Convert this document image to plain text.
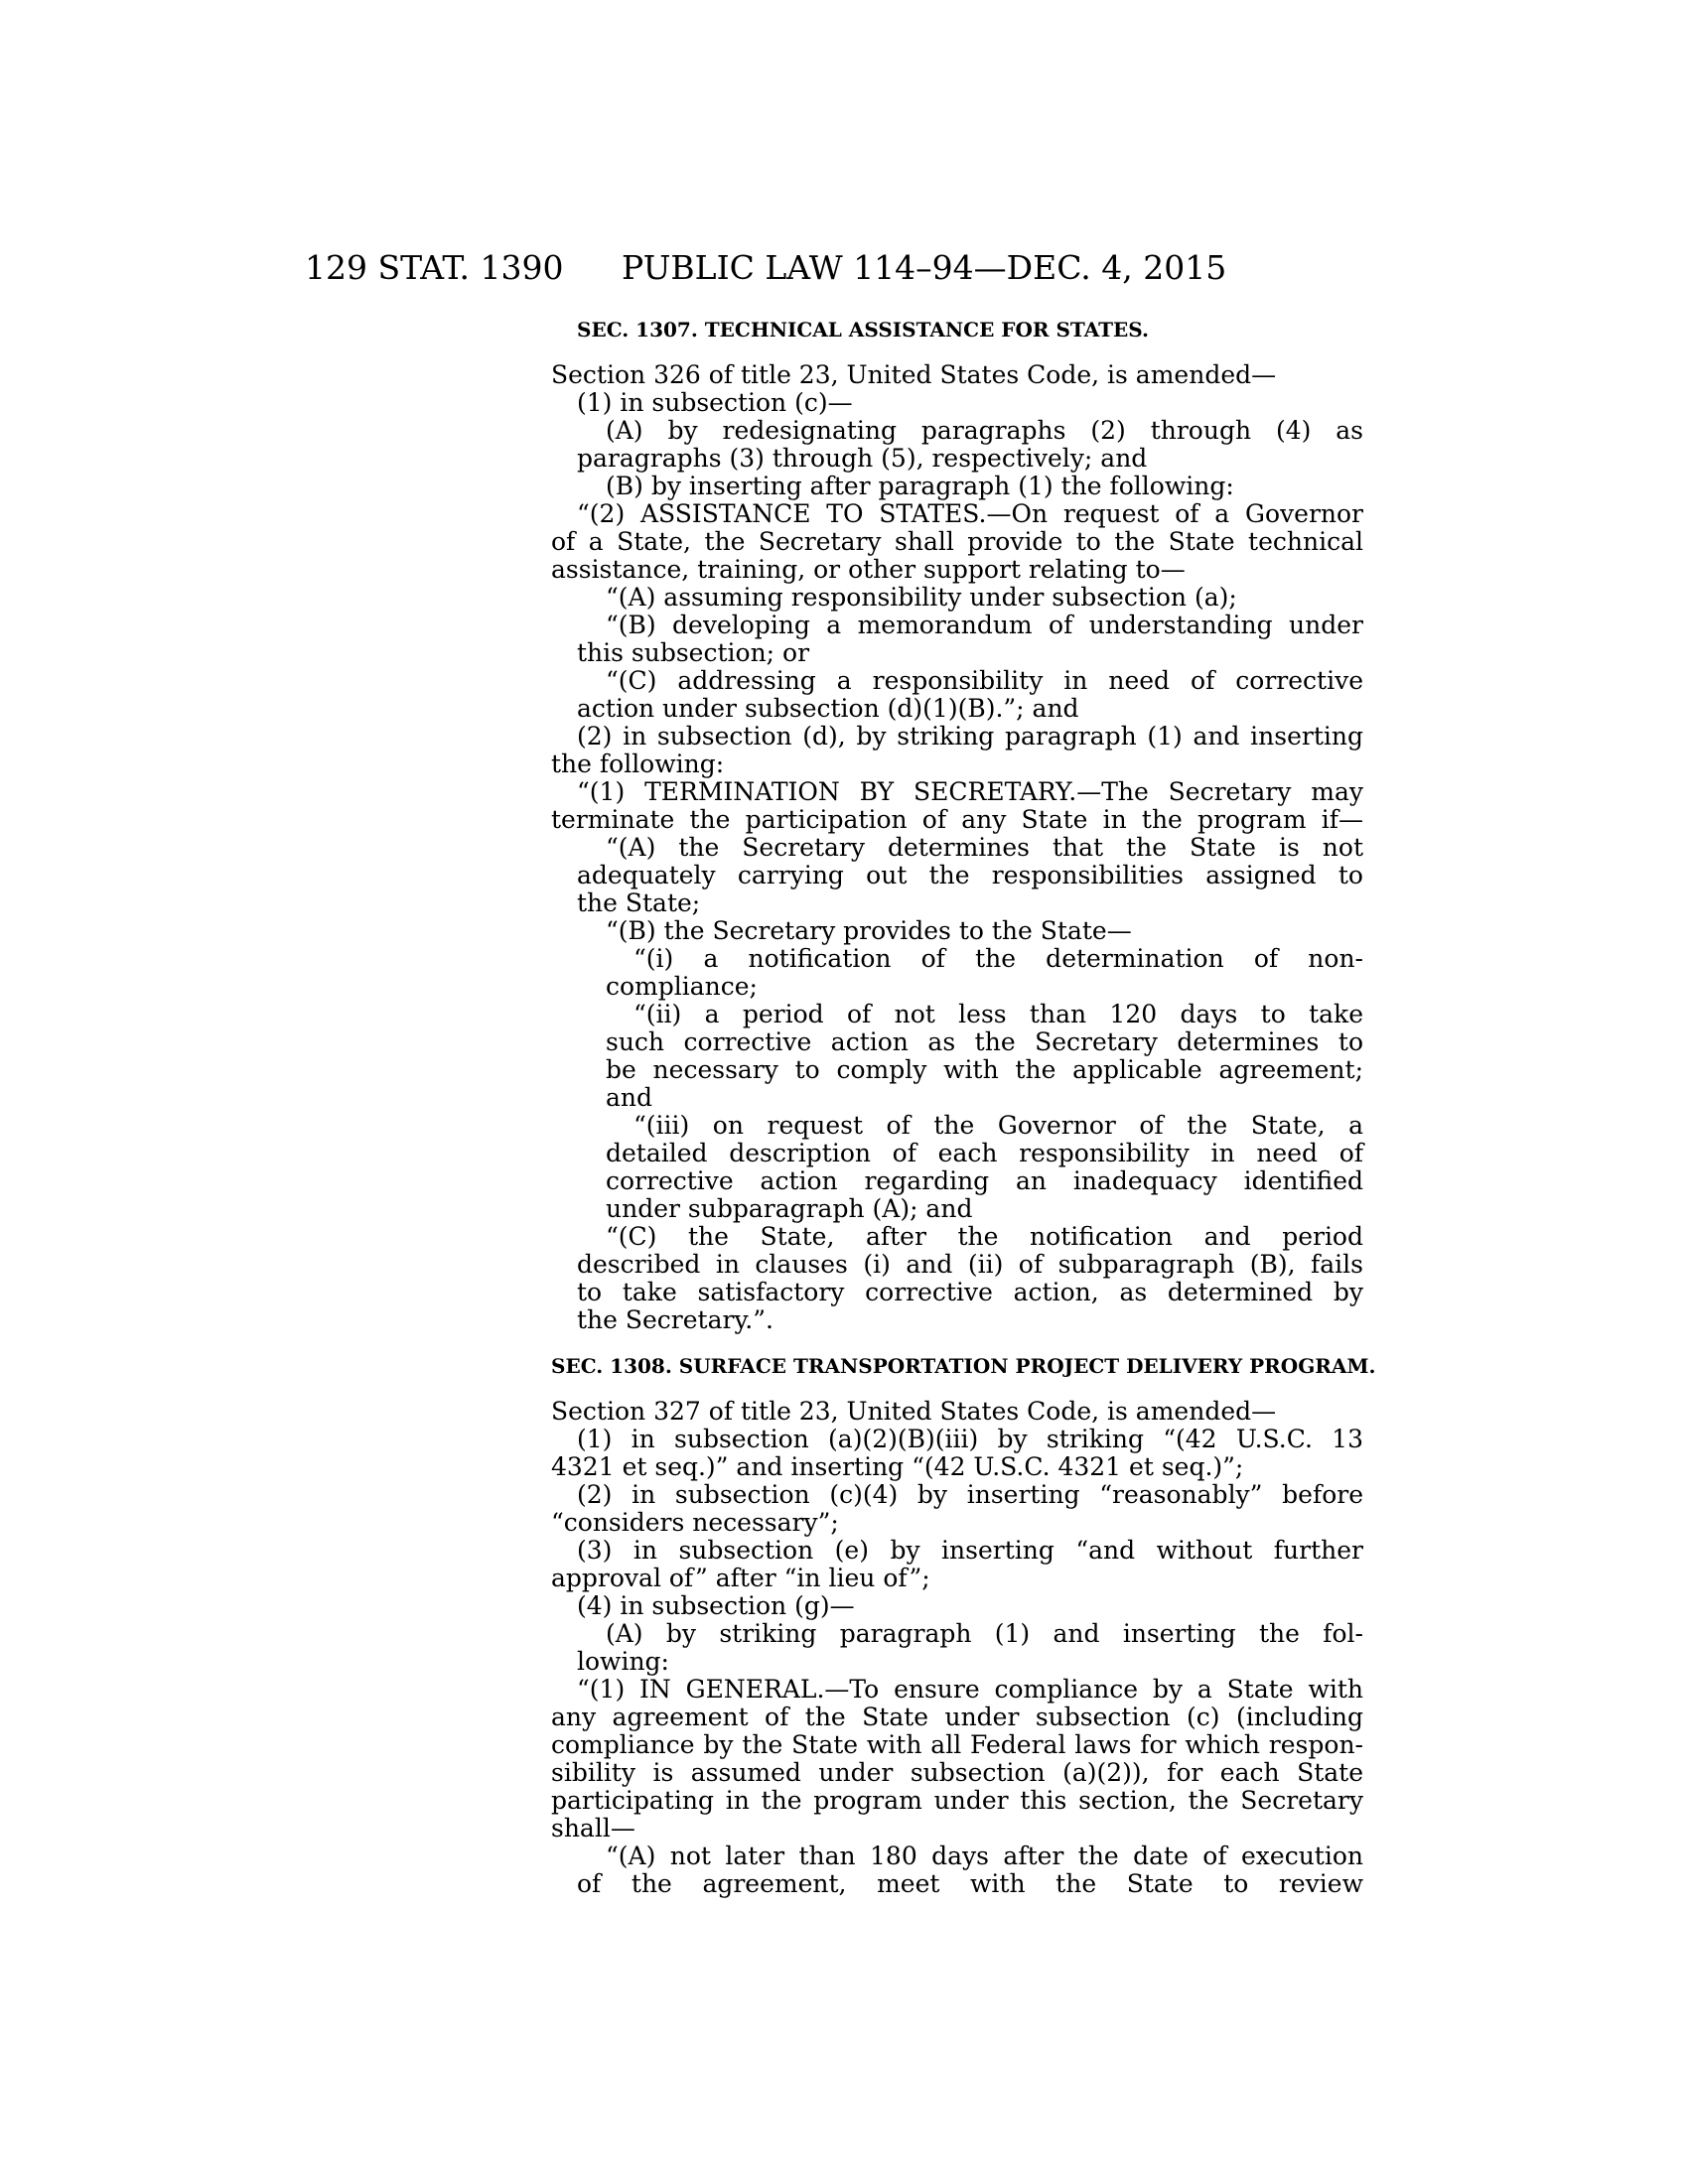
129 STAT. 1390 PUBLIC LAW 114–94—DEC. 4, 2015
SEC. 1307. TECHNICAL ASSISTANCE FOR STATES.
Section 326 of title 23, United States Code, is amended—
(1) in subsection (c)—
(A) by redesignating paragraphs (2) through (4) as
paragraphs (3) through (5), respectively; and
(B) by inserting after paragraph (1) the following:
“(2) ASSISTANCE TO STATES.—On request of a Governor
of a State, the Secretary shall provide to the State technical
assistance, training, or other support relating to—
“(A) assuming responsibility under subsection (a);
“(B) developing a memorandum of understanding under
this subsection; or
“(C) addressing a responsibility in need of corrective
action under subsection (d)(1)(B).”; and
(2) in subsection (d), by striking paragraph (1) and inserting
the following:
“(1) TERMINATION BY SECRETARY.—The Secretary may
terminate the participation of any State in the program if—
“(A) the Secretary determines that the State is not
adequately carrying out the responsibilities assigned to
the State;
“(B) the Secretary provides to the State—
“(i) a notification of the determination of non-
compliance;
“(ii) a period of not less than 120 days to take
such corrective action as the Secretary determines to
be necessary to comply with the applicable agreement;
and
“(iii) on request of the Governor of the State, a
detailed description of each responsibility in need of
corrective action regarding an inadequacy identified
under subparagraph (A); and
“(C) the State, after the notification and period
described in clauses (i) and (ii) of subparagraph (B), fails
to take satisfactory corrective action, as determined by
the Secretary.”.
SEC. 1308. SURFACE TRANSPORTATION PROJECT DELIVERY PROGRAM.
Section 327 of title 23, United States Code, is amended—
(1) in subsection (a)(2)(B)(iii) by striking “(42 U.S.C. 13
4321 et seq.)” and inserting “(42 U.S.C. 4321 et seq.)”;
(2) in subsection (c)(4) by inserting “reasonably” before
“considers necessary”;
(3) in subsection (e) by inserting “and without further
approval of” after “in lieu of”;
(4) in subsection (g)—
(A) by striking paragraph (1) and inserting the fol-
lowing:
“(1) IN GENERAL.—To ensure compliance by a State with
any agreement of the State under subsection (c) (including
compliance by the State with all Federal laws for which respon-
sibility is assumed under subsection (a)(2)), for each State
participating in the program under this section, the Secretary
shall—
“(A) not later than 180 days after the date of execution
of the agreement, meet with the State to review
